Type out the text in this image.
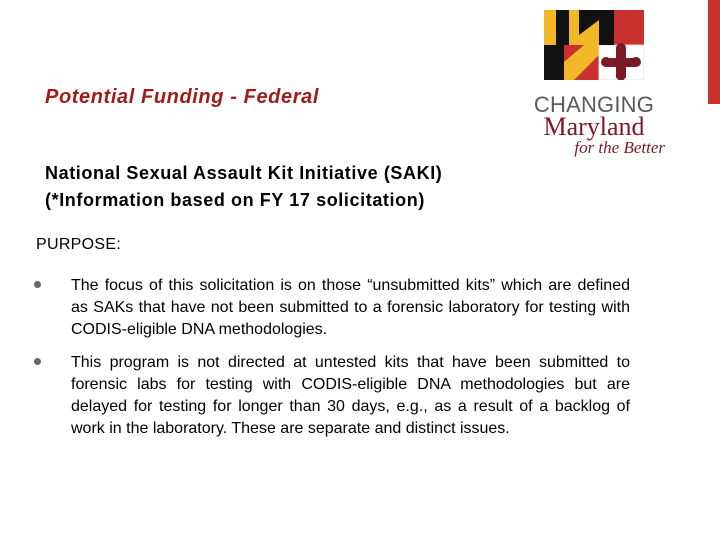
Potential Funding - Federal
National Sexual Assault Kit Initiative (SAKI)
(*Information based on FY 17 solicitation)
CHANGING
Maryland
for the Better
PURPOSE:
The focus of this solicitation is on those “unsubmitted kits” which are defined as SAKs that have not been submitted to a forensic laboratory for testing with CODIS-eligible DNA methodologies.
This program is not directed at untested kits that have been submitted to forensic labs for testing with CODIS-eligible DNA methodologies but are delayed for testing for longer than 30 days, e.g., as a result of a backlog of work in the laboratory. These are separate and distinct issues.
